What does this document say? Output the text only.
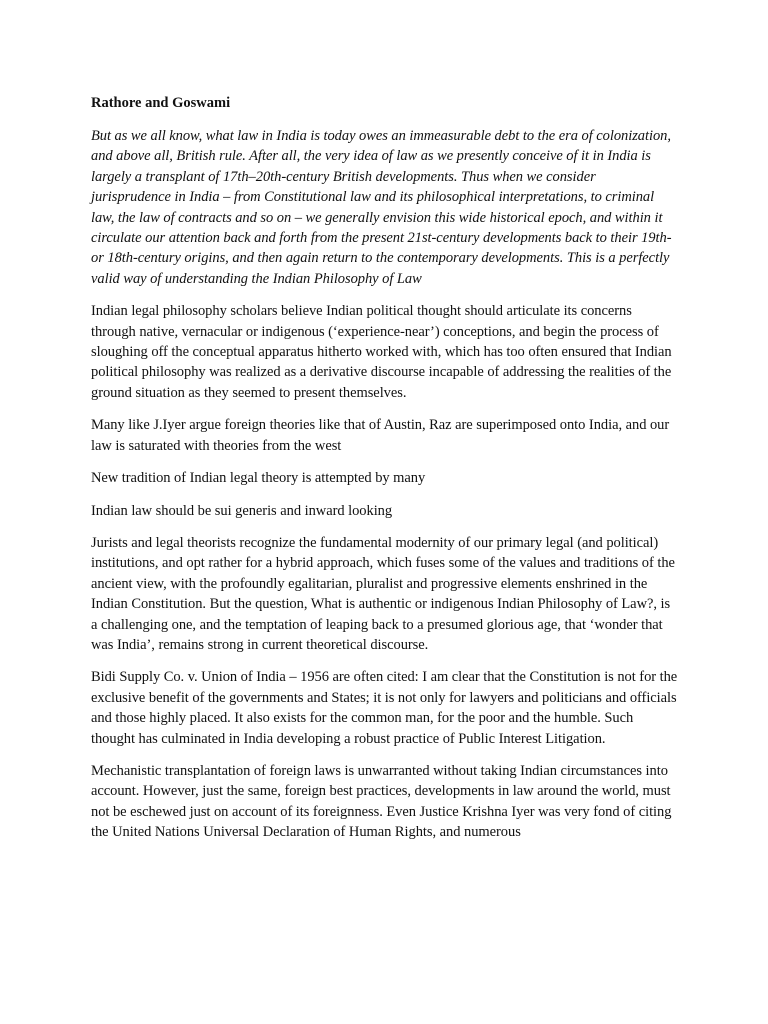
Rathore and Goswami

But as we all know, what law in India is today owes an immeasurable debt to the era of colonization, and above all, British rule. After all, the very idea of law as we presently conceive of it in India is largely a transplant of 17th–20th-century British developments. Thus when we consider jurisprudence in India – from Constitutional law and its philosophical interpretations, to criminal law, the law of contracts and so on – we generally envision this wide historical epoch, and within it circulate our attention back and forth from the present 21st-century developments back to their 19th- or 18th-century origins, and then again return to the contemporary developments. This is a perfectly valid way of understanding the Indian Philosophy of Law

Indian legal philosophy scholars believe Indian political thought should articulate its concerns through native, vernacular or indigenous (‘experience-near’) conceptions, and begin the process of sloughing off the conceptual apparatus hitherto worked with, which has too often ensured that Indian political philosophy was realized as a derivative discourse incapable of addressing the realities of the ground situation as they seemed to present themselves.

Many like J.Iyer argue foreign theories like that of Austin, Raz are superimposed onto India, and our law is saturated with theories from the west

New tradition of Indian legal theory is attempted by many

Indian law should be sui generis and inward looking

Jurists and legal theorists recognize the fundamental modernity of our primary legal (and political) institutions, and opt rather for a hybrid approach, which fuses some of the values and traditions of the ancient view, with the profoundly egalitarian, pluralist and progressive elements enshrined in the Indian Constitution. But the question, What is authentic or indigenous Indian Philosophy of Law?, is a challenging one, and the temptation of leaping back to a presumed glorious age, that ‘wonder that was India’, remains strong in current theoretical discourse.

Bidi Supply Co. v. Union of India – 1956 are often cited: I am clear that the Constitution is not for the exclusive benefit of the governments and States; it is not only for lawyers and politicians and officials and those highly placed. It also exists for the common man, for the poor and the humble. Such thought has culminated in India developing a robust practice of Public Interest Litigation.

Mechanistic transplantation of foreign laws is unwarranted without taking Indian circumstances into account. However, just the same, foreign best practices, developments in law around the world, must not be eschewed just on account of its foreignness. Even Justice Krishna Iyer was very fond of citing the United Nations Universal Declaration of Human Rights, and numerous
